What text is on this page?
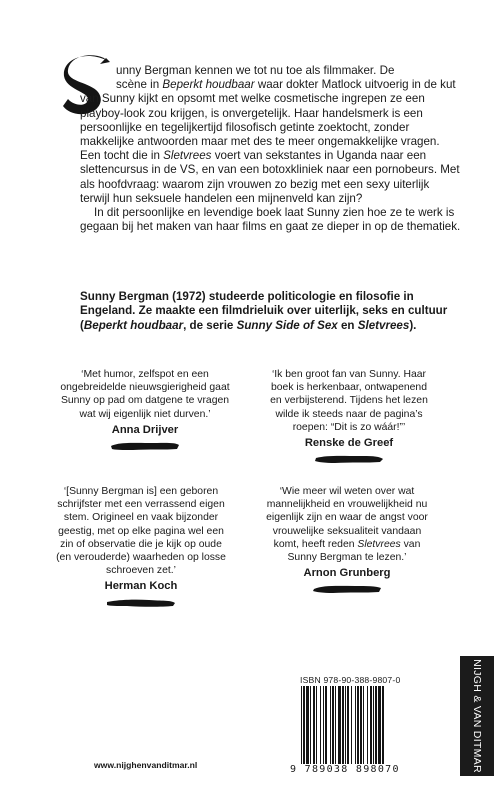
unny Bergman kennen we tot nu toe als filmmaker. De
scène in Beperkt houdbaar waar dokter Matlock uitvoerig in de kut van Sunny kijkt en opsomt met welke cosmetische ingrepen ze een playboy-look zou krijgen, is onvergetelijk. Haar handelsmerk is een persoonlijke en tegelijkertijd filosofisch getinte zoektocht, zonder makkelijke antwoorden maar met des te meer ongemakkelijke vragen. Een tocht die in Sletvrees voert van sekstantes in Uganda naar een slettencursus in de VS, en van een botoxkliniek naar een pornobeurs. Met als hoofdvraag: waarom zijn vrouwen zo bezig met een sexy uiterlijk terwijl hun seksuele handelen een mijnenveld kan zijn?

In dit persoonlijke en levendige boek laat Sunny zien hoe ze te werk is gegaan bij het maken van haar films en gaat ze dieper in op de thematiek.

Sunny Bergman (1972) studeerde politicologie en filosofie in Engeland. Ze maakte een filmdrieluik over uiterlijk, seks en cultuur (Beperkt houdbaar, de serie Sunny Side of Sex en Sletvrees).

‘Met humor, zelfspot en een ongebreidelde nieuwsgierigheid gaat Sunny op pad om datgene te vragen wat wij eigenlijk niet durven.’

Anna Drijver

‘Ik ben groot fan van Sunny. Haar boek is herkenbaar, ontwapenend en verbijsterend. Tijdens het lezen wilde ik steeds naar de pagina’s roepen: “Dit is zo wáár!”’

Renske de Greef

‘[Sunny Bergman is] een geboren schrijfster met een verrassend eigen stem. Origineel en vaak bijzonder geestig, met op elke pagina wel een zin of observatie die je kijk op oude (en verouderde) waarheden op losse schroeven zet.’

Herman Koch

‘Wie meer wil weten over wat mannelijkheid en vrouwelijkheid nu eigenlijk zijn en waar de angst voor vrouwelijke seksualiteit vandaan komt, heeft reden Sletvrees van Sunny Bergman te lezen.’

Arnon Grunberg
ISBN 978-90-388-9807-0
9 789038 898070	NIJGH & VAN DITMAR
www.nijghenvanditmar.nl
